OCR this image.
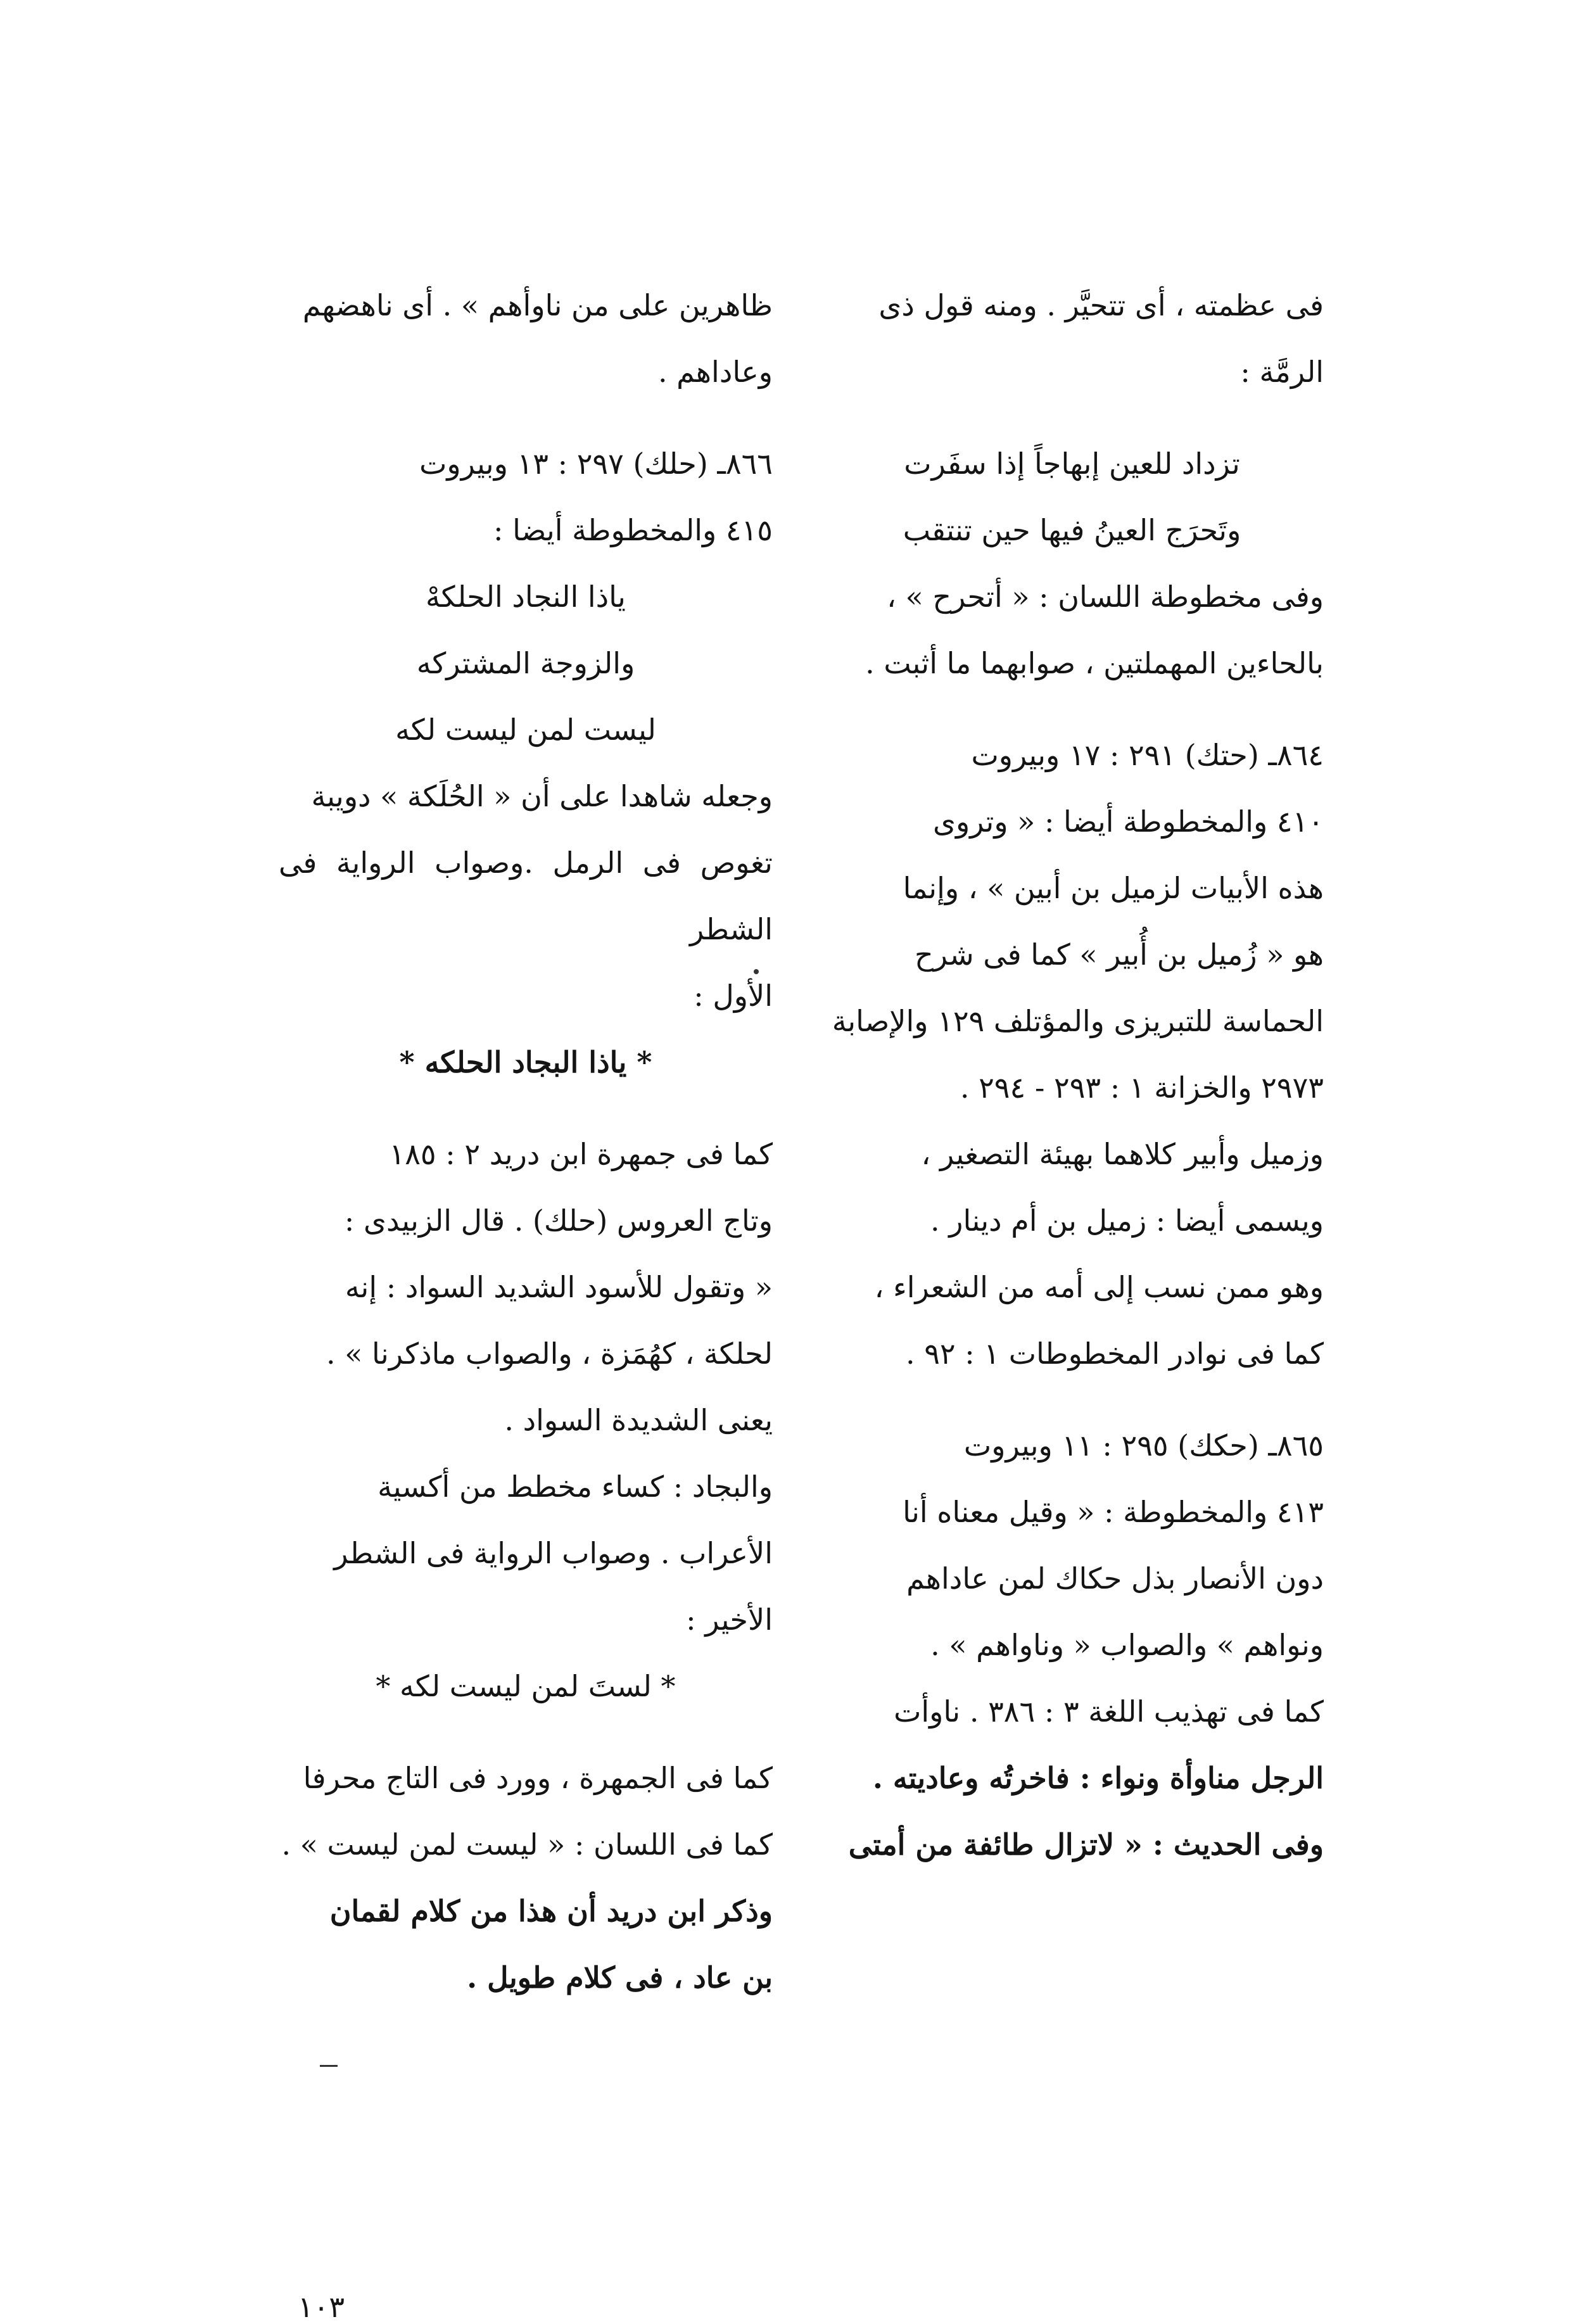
فى عظمته ، أى تتحيَّر . ومنه قول ذى

الرمَّة :

تزداد للعين إبهاجاً إذا سفَرت

وتَحرَج العينُ فيها حين تنتقب

وفى مخطوطة اللسان : « أتحرح » ،

بالحاءين المهملتين ، صوابهما ما أثبت .

٨٦٤ـ (حتك) ٢٩١ : ١٧ وبيروت

٤١٠ والمخطوطة أيضا : « وتروى

هذه الأبيات لزميل بن أبين » ، وإنما

هو « زُميل بن أُبير » كما فى شرح

الحماسة للتبريزى والمؤتلف ١٢٩ والإصابة

٢٩٧٣ والخزانة ١ : ٢٩٣ - ٢٩٤ .

وزميل وأبير كلاهما بهيئة التصغير ،

ويسمى أيضا : زميل بن أم دينار .

وهو ممن نسب إلى أمه من الشعراء ،

كما فى نوادر المخطوطات ١ : ٩٢ .

٨٦٥ـ (حكك) ٢٩٥ : ١١ وبيروت

٤١٣ والمخطوطة : « وقيل معناه أنا

دون الأنصار بذل حكاك لمن عاداهم

ونواهم » والصواب « وناواهم » .

كما فى تهذيب اللغة ٣ : ٣٨٦ . ناوأت

الرجل مناوأة ونواء : فاخرتُه وعاديته .

وفى الحديث : « لاتزال طائفة من أمتى

ظاهرين على من ناوأهم » . أى ناهضهم

وعاداهم .

٨٦٦ـ (حلك) ٢٩٧ : ١٣ وبيروت

٤١٥ والمخطوطة أيضا :

ياذا النجاد الحلكهْ

والزوجة المشتركه

ليست لمن ليست لكه

وجعله شاهدا على أن « الحُلَكة » دويبة

تغوص فى الرمل .وصواب الرواية فى الشطر

الأول :

* ياذا البجاد الحلكه *

كما فى جمهرة ابن دريد ٢ : ١٨٥

وتاج العروس (حلك) . قال الزبيدى :

« وتقول للأسود الشديد السواد : إنه

لحلكة ، كهُمَزة ، والصواب ماذكرنا » .

يعنى الشديدة السواد .

والبجاد : كساء مخطط من أكسية

الأعراب . وصواب الرواية فى الشطر

الأخير :

* لستَ لمن ليست لكه *

كما فى الجمهرة ، وورد فى التاج محرفا

كما فى اللسان : « ليست لمن ليست » .

وذكر ابن دريد أن هذا من كلام لقمان

بن عاد ، فى كلام طويل .

١٠٣
